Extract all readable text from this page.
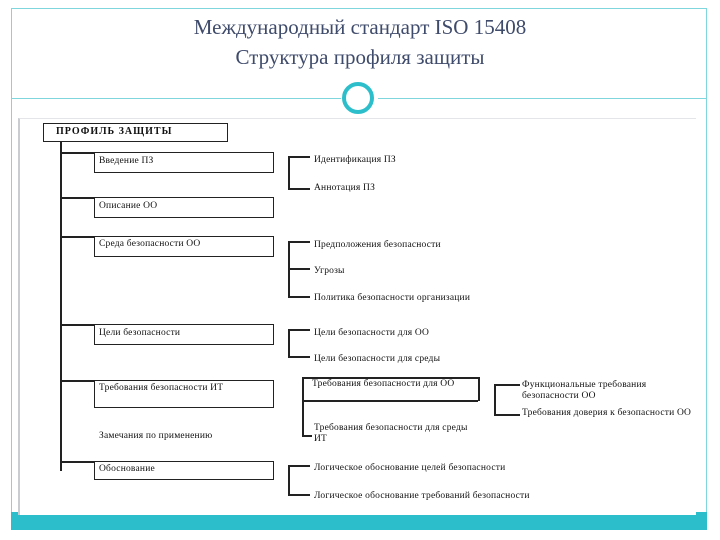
Международный стандарт ISO 15408
Структура профиля защиты
ПРОФИЛЬ ЗАЩИТЫ
Введение ПЗ
Описание ОО
Среда безопасности ОО
Цели безопасности
Требования безопасности ИТ
Замечания по применению
Обоснование
Идентификация ПЗ
Аннотация ПЗ
Предположения безопасности
Угрозы
Политика безопасности организации
Цели безопасности для ОО
Цели безопасности для среды
Требования безопасности для ОО
Требования безопасности для среды ИТ
Функциональные требования безопасности ОО
Требования доверия к безопасности ОО
Логическое обоснование целей безопасности
Логическое обоснование требований безопасности
